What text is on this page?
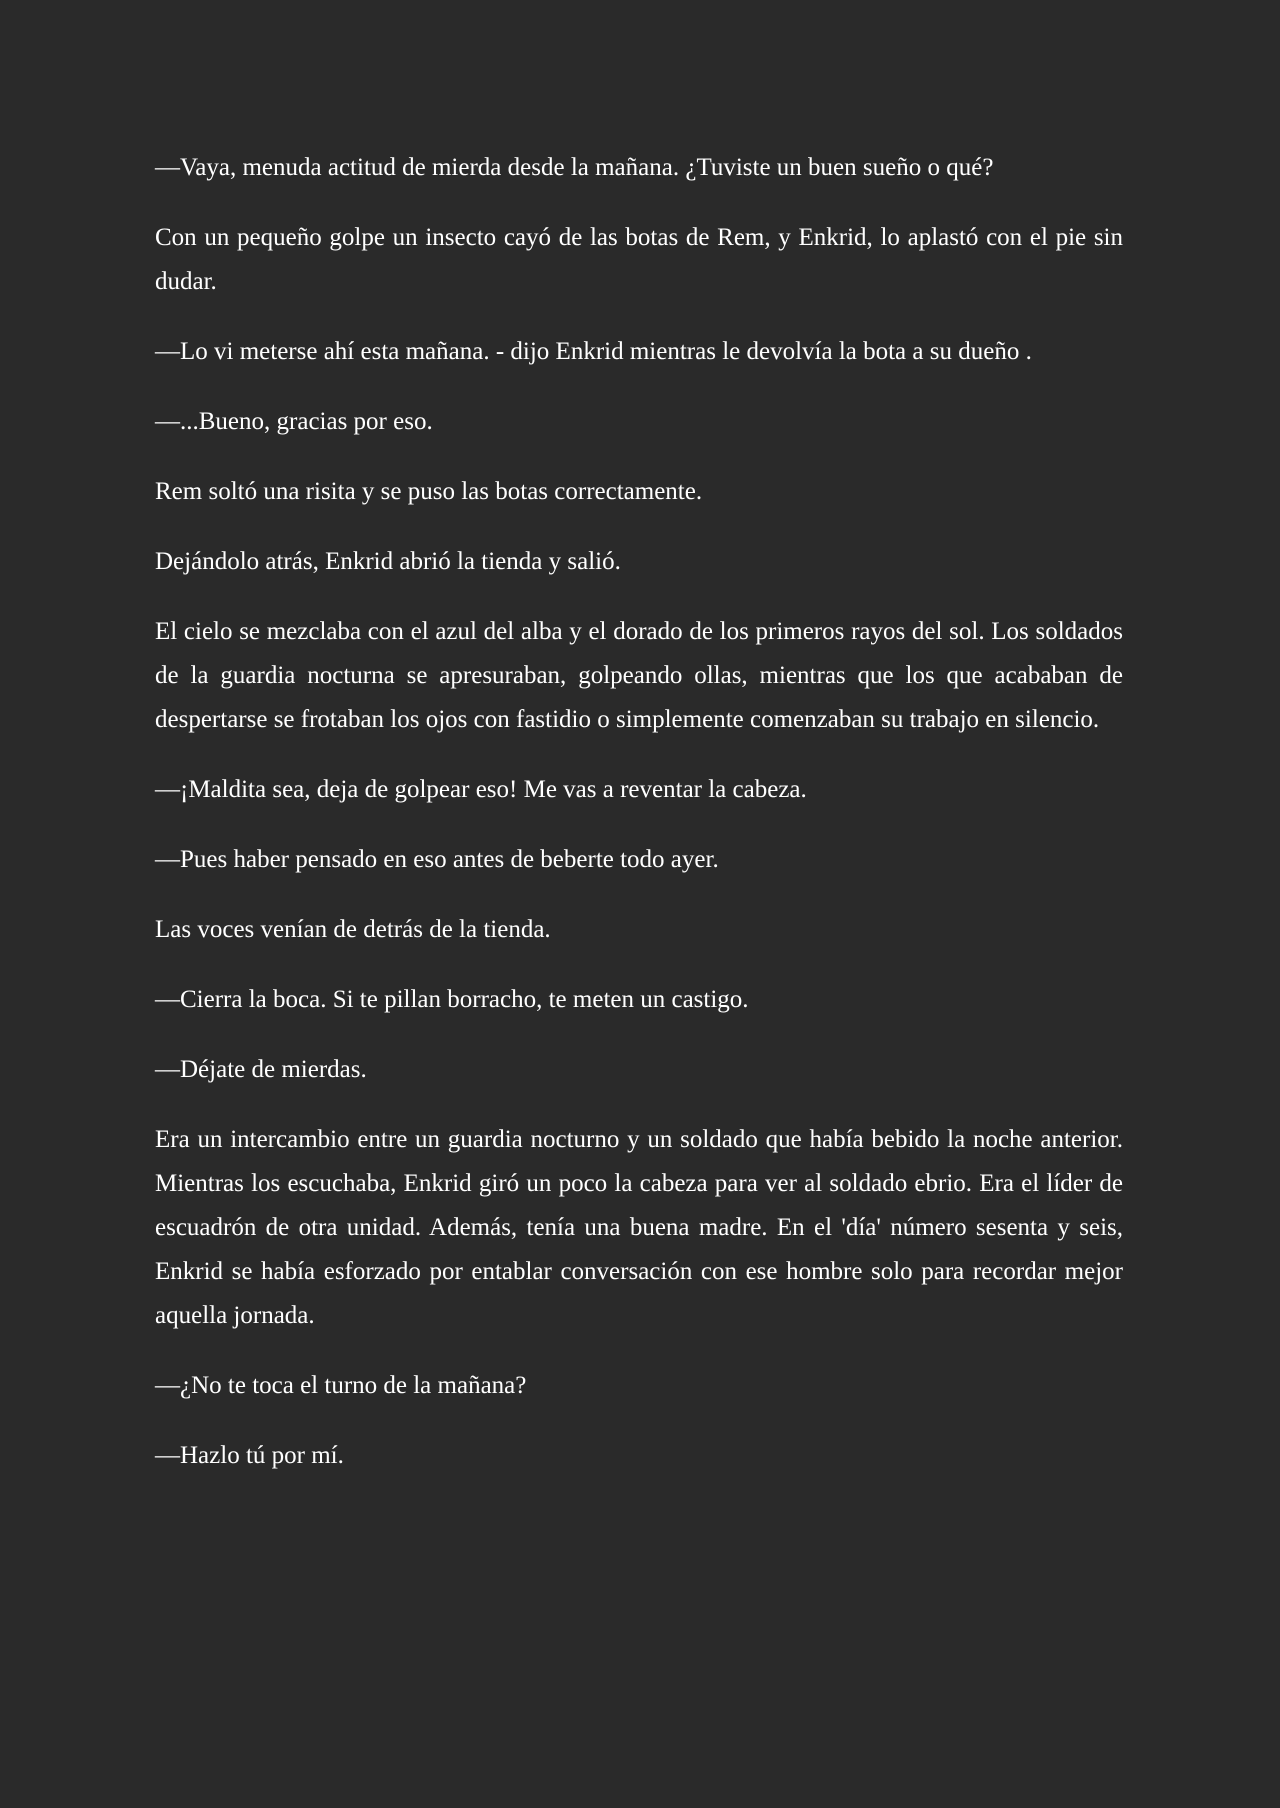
—Vaya, menuda actitud de mierda desde la mañana. ¿Tuviste un buen sueño o qué?

Con un pequeño golpe un insecto cayó de las botas de Rem, y Enkrid, lo aplastó con el pie sin dudar.

—Lo vi meterse ahí esta mañana. - dijo Enkrid mientras le devolvía la bota a su dueño .

—...Bueno, gracias por eso.

Rem soltó una risita y se puso las botas correctamente.

Dejándolo atrás, Enkrid abrió la tienda y salió.

El cielo se mezclaba con el azul del alba y el dorado de los primeros rayos del sol. Los soldados de la guardia nocturna se apresuraban, golpeando ollas, mientras que los que acababan de despertarse se frotaban los ojos con fastidio o simplemente comenzaban su trabajo en silencio.

—¡Maldita sea, deja de golpear eso! Me vas a reventar la cabeza.

—Pues haber pensado en eso antes de beberte todo ayer.

Las voces venían de detrás de la tienda.

—Cierra la boca. Si te pillan borracho, te meten un castigo.

—Déjate de mierdas.

Era un intercambio entre un guardia nocturno y un soldado que había bebido la noche anterior. Mientras los escuchaba, Enkrid giró un poco la cabeza para ver al soldado ebrio. Era el líder de escuadrón de otra unidad. Además, tenía una buena madre. En el 'día' número sesenta y seis, Enkrid se había esforzado por entablar conversación con ese hombre solo para recordar mejor aquella jornada.

—¿No te toca el turno de la mañana?

—Hazlo tú por mí.
